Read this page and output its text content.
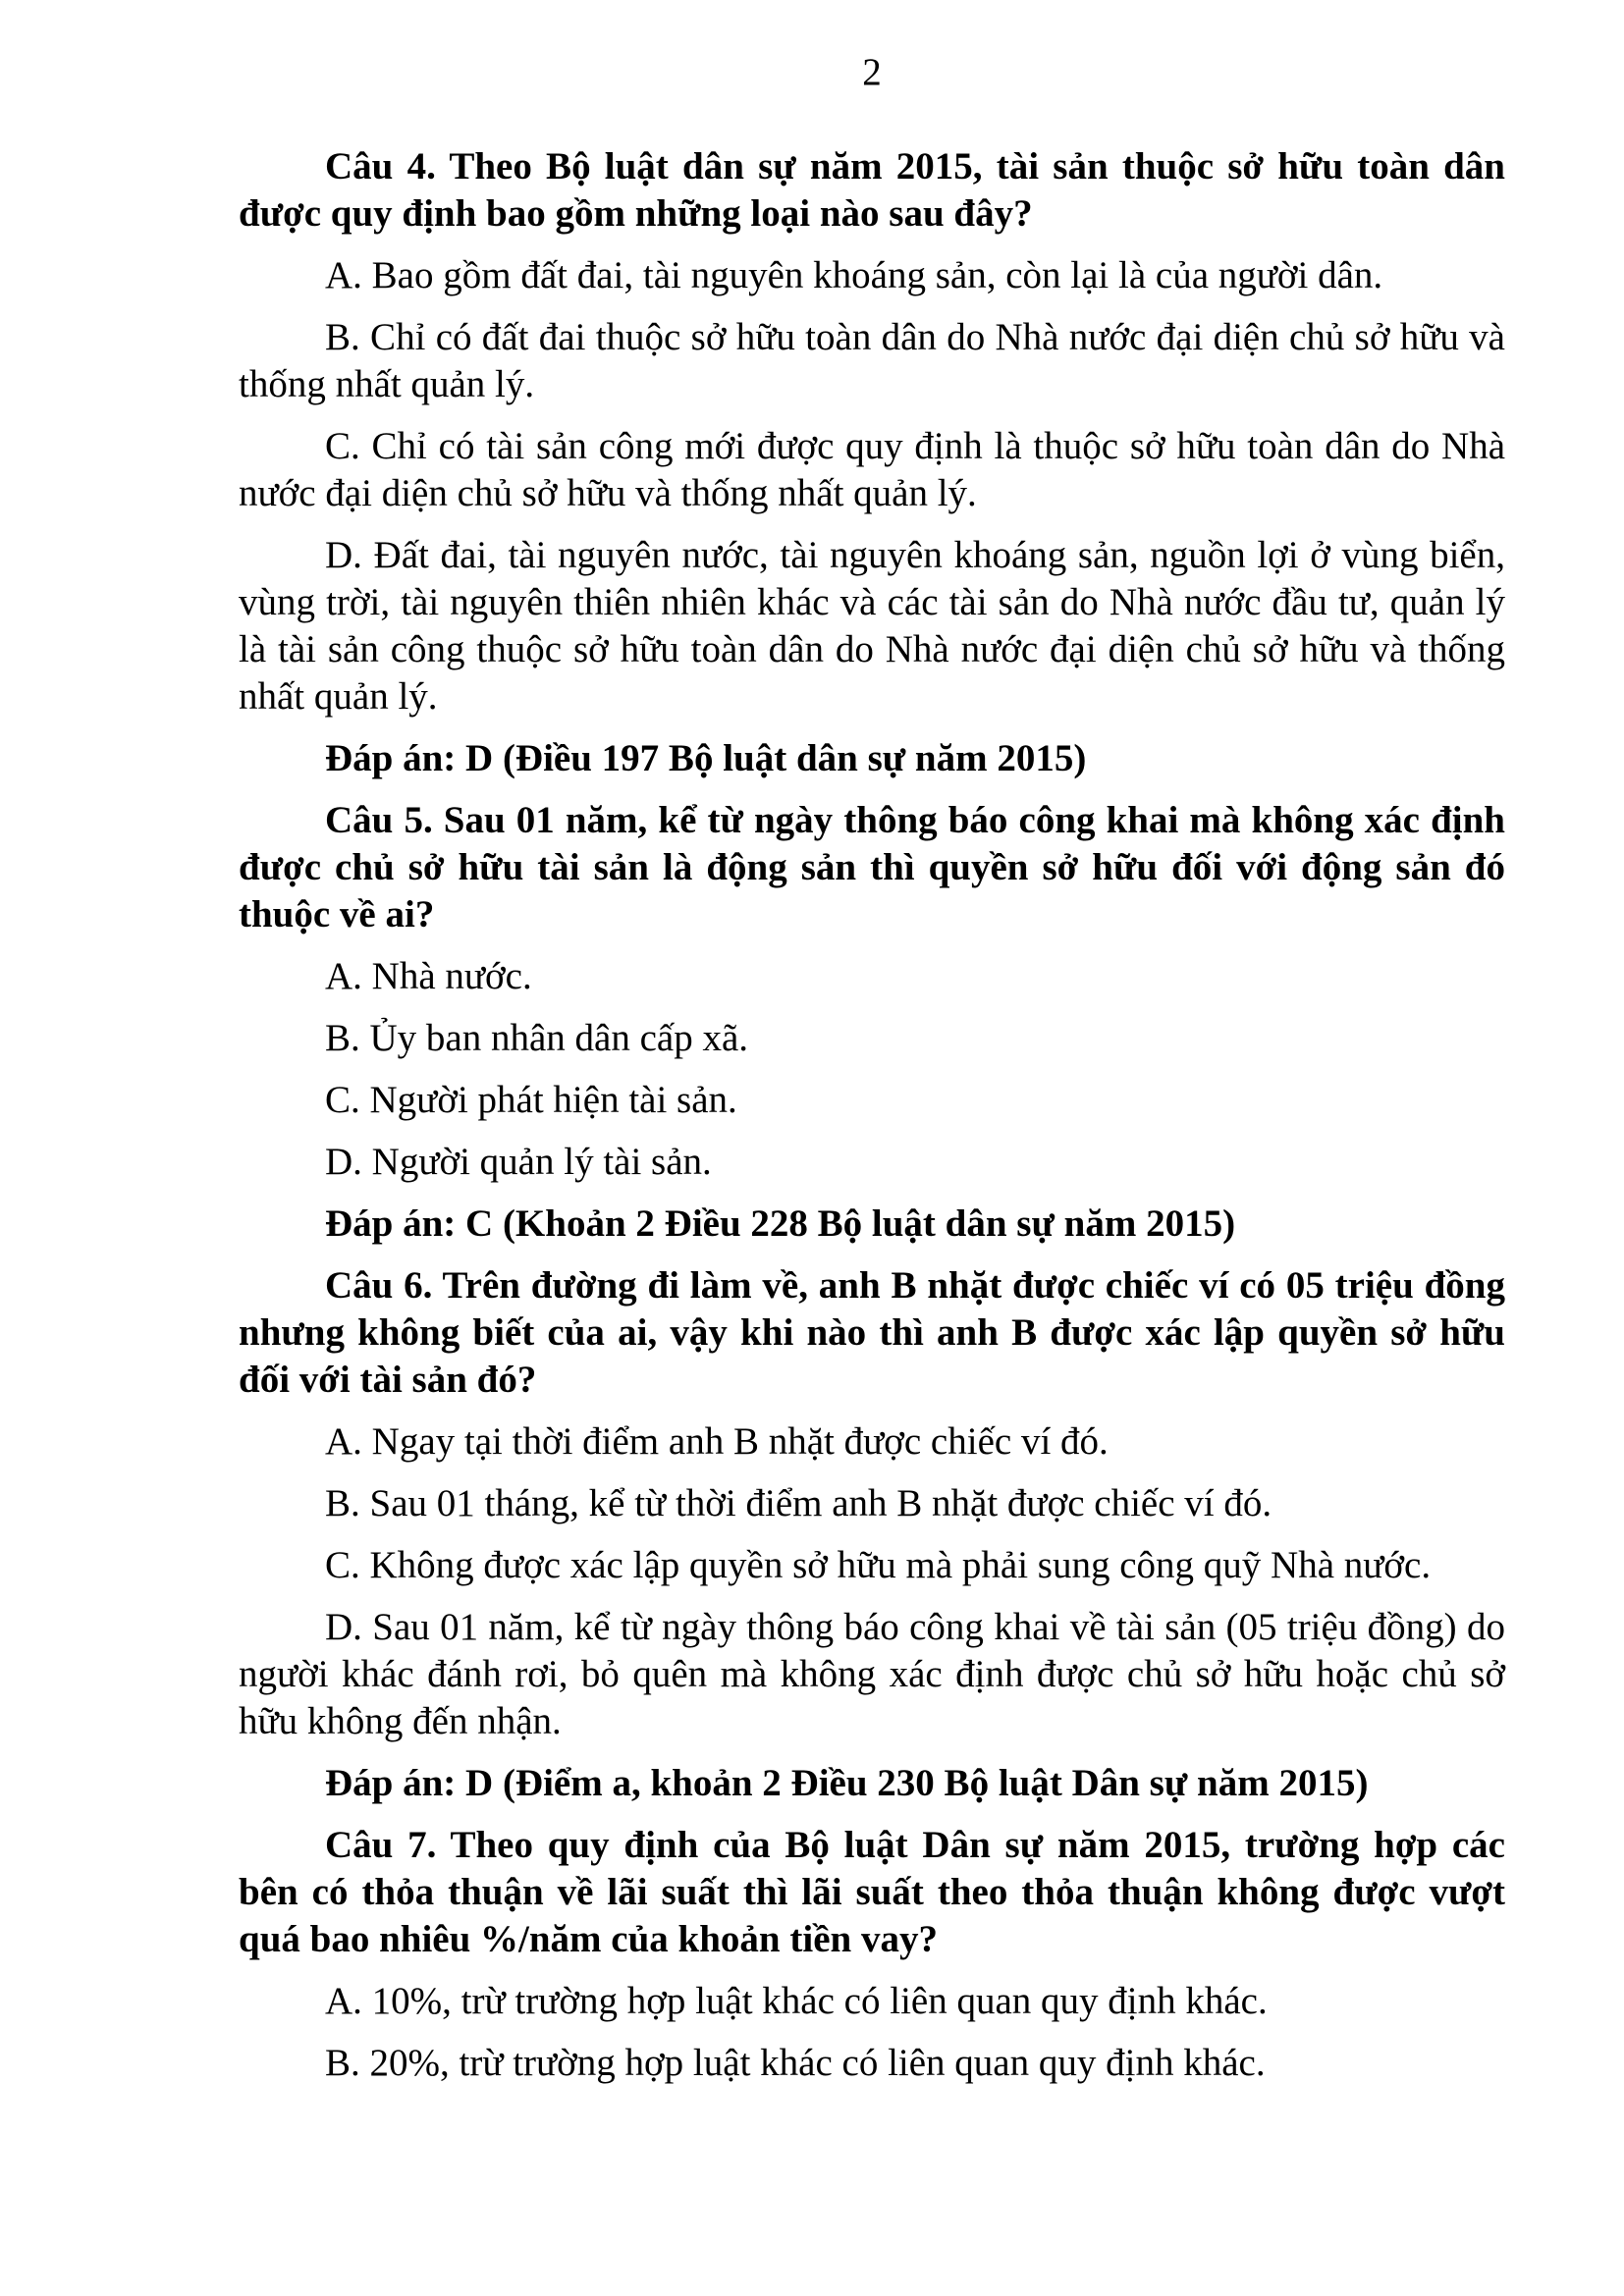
2

Câu 4. Theo Bộ luật dân sự năm 2015, tài sản thuộc sở hữu toàn dân được quy định bao gồm những loại nào sau đây?

A. Bao gồm đất đai, tài nguyên khoáng sản, còn lại là của người dân.

B. Chỉ có đất đai thuộc sở hữu toàn dân do Nhà nước đại diện chủ sở hữu và thống nhất quản lý.

C. Chỉ có tài sản công mới được quy định là thuộc sở hữu toàn dân do Nhà nước đại diện chủ sở hữu và thống nhất quản lý.

D. Đất đai, tài nguyên nước, tài nguyên khoáng sản, nguồn lợi ở vùng biển, vùng trời, tài nguyên thiên nhiên khác và các tài sản do Nhà nước đầu tư, quản lý là tài sản công thuộc sở hữu toàn dân do Nhà nước đại diện chủ sở hữu và thống nhất quản lý.

Đáp án: D (Điều 197 Bộ luật dân sự năm 2015)

Câu 5. Sau 01 năm, kể từ ngày thông báo công khai mà không xác định được chủ sở hữu tài sản là động sản thì quyền sở hữu đối với động sản đó thuộc về ai?

A. Nhà nước.

B. Ủy ban nhân dân cấp xã.

C. Người phát hiện tài sản.

D. Người quản lý tài sản.

Đáp án: C (Khoản 2 Điều 228 Bộ luật dân sự năm 2015)

Câu 6. Trên đường đi làm về, anh B nhặt được chiếc ví có 05 triệu đồng nhưng không biết của ai, vậy khi nào thì anh B được xác lập quyền sở hữu đối với tài sản đó?

A. Ngay tại thời điểm anh B nhặt được chiếc ví đó.

B. Sau 01 tháng, kể từ thời điểm anh B nhặt được chiếc ví đó.

C. Không được xác lập quyền sở hữu mà phải sung công quỹ Nhà nước.

D. Sau 01 năm, kể từ ngày thông báo công khai về tài sản (05 triệu đồng) do người khác đánh rơi, bỏ quên mà không xác định được chủ sở hữu hoặc chủ sở hữu không đến nhận.

Đáp án: D (Điểm a, khoản 2 Điều 230 Bộ luật Dân sự năm 2015)

Câu 7. Theo quy định của Bộ luật Dân sự năm 2015, trường hợp các bên có thỏa thuận về lãi suất thì lãi suất theo thỏa thuận không được vượt quá bao nhiêu %/năm của khoản tiền vay?

A. 10%, trừ trường hợp luật khác có liên quan quy định khác.

B. 20%, trừ trường hợp luật khác có liên quan quy định khác.
